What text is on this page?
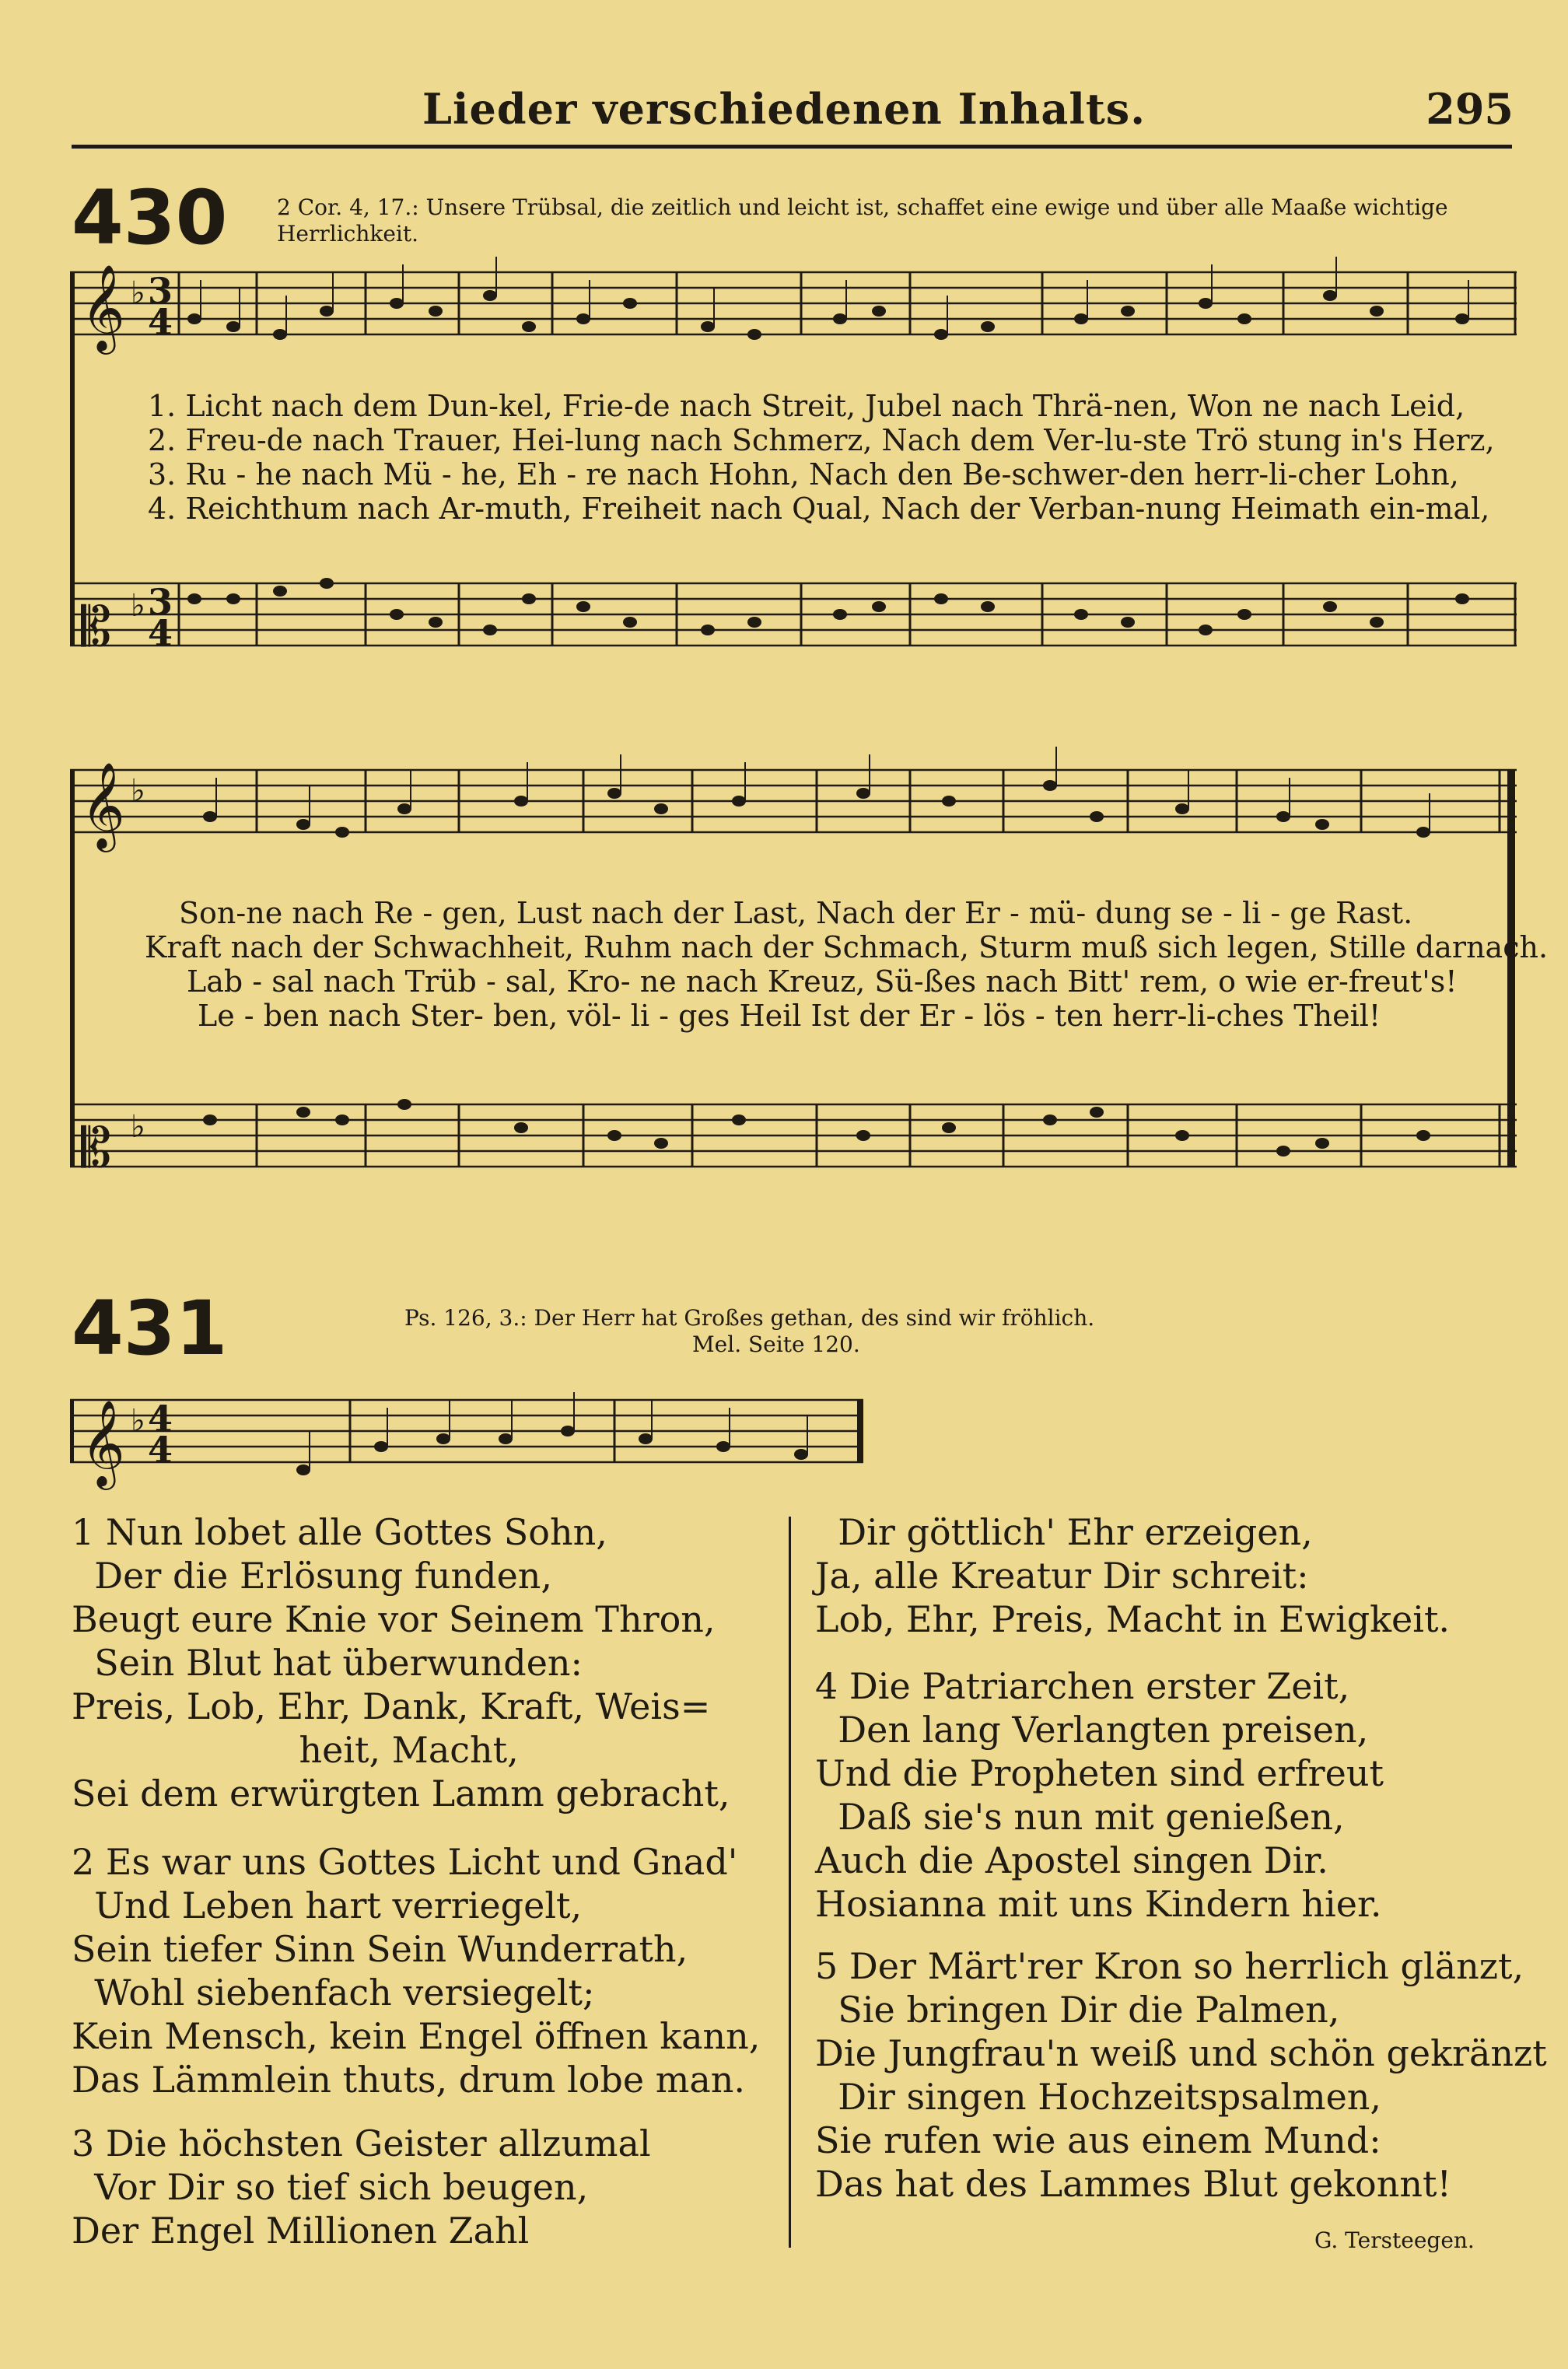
Lieder verschiedenen Inhalts.	295
430 2 Cor. 4, 17.: Unsere Trübsal, die zeitlich und leicht ist, schaffet eine ewige und über alle Maaße wichtige Herrlichkeit.
𝄞
𝄡
♭
♭
3
4
3
4
1. Licht nach dem Dun-kel, Frie-de nach Streit, Jubel nach Thrä-nen, Won ne nach Leid,
2. Freu-de nach Trauer, Hei-lung nach Schmerz, Nach dem Ver-lu-ste Trö stung in's Herz,
3. Ru - he nach Mü - he, Eh - re nach Hohn, Nach den Be-schwer-den herr-li-cher Lohn,
4. Reichthum nach Ar-muth, Freiheit nach Qual, Nach der Verban-nung Heimath ein-mal,
𝄞
𝄡
♭
♭
Son-ne nach Re - gen, Lust nach der Last, Nach der Er - mü- dung se - li - ge Rast.
Kraft nach der Schwachheit, Ruhm nach der Schmach, Sturm muß sich legen, Stille darnach.
Lab - sal nach Trüb - sal, Kro- ne nach Kreuz, Sü-ßes nach Bitt' rem, o wie er-freut's!
Le - ben nach Ster- ben, völ- li - ges Heil Ist der Er - lös - ten herr-li-ches Theil!
431	Ps. 126, 3.: Der Herr hat Großes gethan, des sind wir fröhlich.
Mel. Seite 120.
𝄞 ♭ 4
4
1 Nun lobet alle Gottes Sohn,
Der die Erlösung funden,
Beugt eure Knie vor Seinem Thron,
Sein Blut hat überwunden:
Preis, Lob, Ehr, Dank, Kraft, Weis=
heit, Macht,
Sei dem erwürgten Lamm gebracht,
2 Es war uns Gottes Licht und Gnad'
Und Leben hart verriegelt,
Sein tiefer Sinn Sein Wunderrath,
Wohl siebenfach versiegelt;
Kein Mensch, kein Engel öffnen kann,
Das Lämmlein thuts, drum lobe man.
3 Die höchsten Geister allzumal
Vor Dir so tief sich beugen,
Der Engel Millionen Zahl
Dir göttlich' Ehr erzeigen,
Ja, alle Kreatur Dir schreit:
Lob, Ehr, Preis, Macht in Ewigkeit.
4 Die Patriarchen erster Zeit,
Den lang Verlangten preisen,
Und die Propheten sind erfreut
Daß sie's nun mit genießen,
Auch die Apostel singen Dir.
Hosianna mit uns Kindern hier.
5 Der Märt'rer Kron so herrlich glänzt,
Sie bringen Dir die Palmen,
Die Jungfrau'n weiß und schön gekränzt
Dir singen Hochzeitspsalmen,
Sie rufen wie aus einem Mund:
Das hat des Lammes Blut gekonnt!
G. Tersteegen.
